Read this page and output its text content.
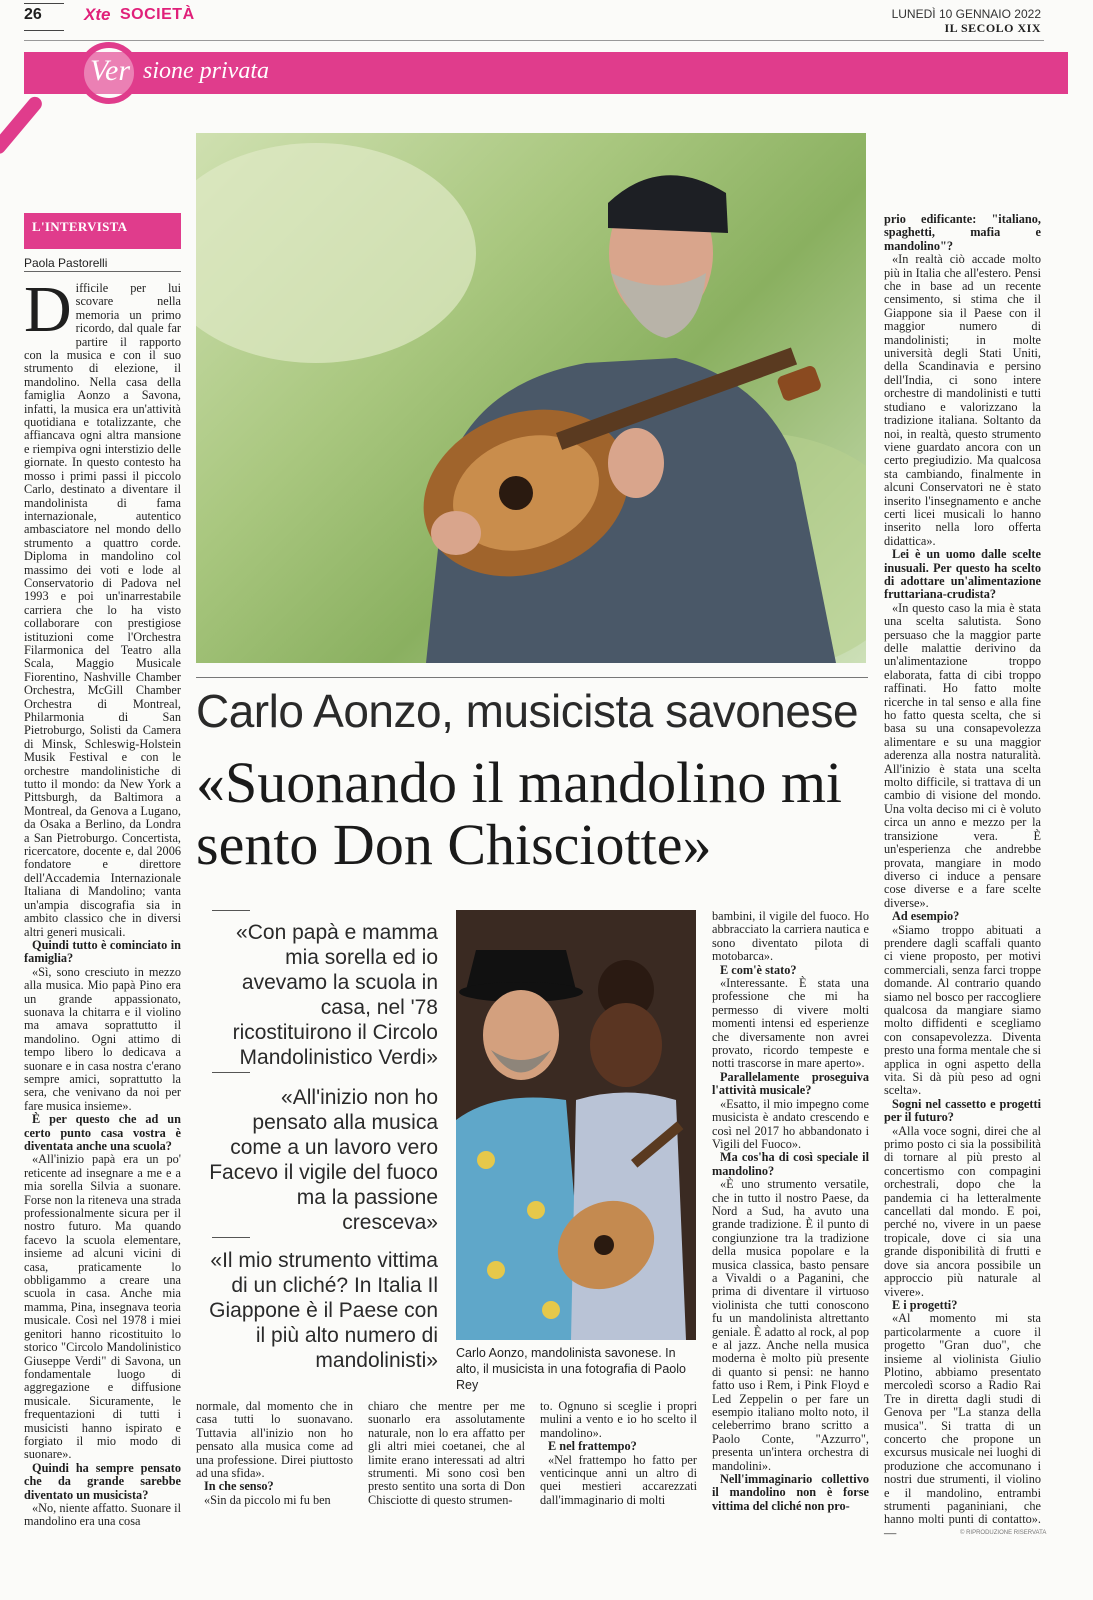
26 Xte SOCIETÀ	LUNEDÌ 10 GENNAIO 2022
IL SECOLO XIX
sione privata
Ver
Carlo Aonzo, mandolinista savonese. In alto, il musicista in una fotografia di Paolo Rey
L'INTERVISTA
Paola Pastorelli
D ifficile per lui scovare nella memoria un primo ricordo, dal quale far partire il rapporto con la musica e con il suo strumento di elezione, il mandolino. Nella casa della famiglia Aonzo a Savona, infatti, la musica era un'attività quotidiana e totalizzante, che affiancava ogni altra mansione e riempiva ogni interstizio delle giornate. In questo contesto ha mosso i primi passi il piccolo Carlo, destinato a diventare il mandolinista di fama internazionale, autentico ambasciatore nel mondo dello strumento a quattro corde. Diploma in mandolino col massimo dei voti e lode al Conservatorio di Padova nel 1993 e poi un'inarrestabile carriera che lo ha visto collaborare con prestigiose istituzioni come l'Orchestra Filarmonica del Teatro alla Scala, Maggio Musicale Fiorentino, Nashville Chamber Orchestra, McGill Chamber Orchestra di Montreal, Philarmonia di San Pietroburgo, Solisti da Camera di Minsk, Schleswig-Holstein Musik Festival e con le orchestre mandolinistiche di tutto il mondo: da New York a Pittsburgh, da Baltimora a Montreal, da Genova a Lugano, da Osaka a Berlino, da Londra a San Pietroburgo. Concertista, ricercatore, docente e, dal 2006 fondatore e direttore dell'Accademia Internazionale Italiana di Mandolino; vanta un'ampia discografia sia in ambito classico che in diversi altri generi musicali.

Quindi tutto è cominciato in famiglia?

«Sì, sono cresciuto in mezzo alla musica. Mio papà Pino era un grande appassionato, suonava la chitarra e il violino ma amava soprattutto il mandolino. Ogni attimo di tempo libero lo dedicava a suonare e in casa nostra c'erano sempre amici, soprattutto la sera, che venivano da noi per fare musica insieme».

È per questo che ad un certo punto casa vostra è diventata anche una scuola?

«All'inizio papà era un po' reticente ad insegnare a me e a mia sorella Silvia a suonare. Forse non la riteneva una strada professionalmente sicura per il nostro futuro. Ma quando facevo la scuola elementare, insieme ad alcuni vicini di casa, praticamente lo obbligammo a creare una scuola in casa. Anche mia mamma, Pina, insegnava teoria musicale. Così nel 1978 i miei genitori hanno ricostituito lo storico "Circolo Mandolinistico Giuseppe Verdi" di Savona, un fondamentale luogo di aggregazione e diffusione musicale. Sicuramente, le frequentazioni di tutti i musicisti hanno ispirato e forgiato il mio modo di suonare».

Quindi ha sempre pensato che da grande sarebbe diventato un musicista?

«No, niente affatto. Suonare il mandolino era una cosa

Carlo Aonzo, musicista savonese
«Suonando il mandolino mi sento Don Chisciotte»
«Con papà e mamma mia sorella ed io avevamo la scuola in casa, nel '78 ricostituirono il Circolo Mandolinistico Verdi»
«All'inizio non ho pensato alla musica come a un lavoro vero Facevo il vigile del fuoco ma la passione cresceva»
«Il mio strumento vittima di un cliché? In Italia Il Giappone è il Paese con il più alto numero di mandolinisti»
normale, dal momento che in casa tutti lo suonavano. Tuttavia all'inizio non ho pensato alla musica come ad una professione. Direi piuttosto ad una sfida».

In che senso?

«Sin da piccolo mi fu ben

chiaro che mentre per me suonarlo era assolutamente naturale, non lo era affatto per gli altri miei coetanei, che al limite erano interessati ad altri strumenti. Mi sono così ben presto sentito una sorta di Don Chisciotte di questo strumen-
to. Ognuno si sceglie i propri mulini a vento e io ho scelto il mandolino».

E nel frattempo?

«Nel frattempo ho fatto per venticinque anni un altro di quei mestieri accarezzati dall'immaginario di molti

bambini, il vigile del fuoco. Ho abbracciato la carriera nautica e sono diventato pilota di motobarca».

E com'è stato?

«Interessante. È stata una professione che mi ha permesso di vivere molti momenti intensi ed esperienze che diversamente non avrei provato, ricordo tempeste e notti trascorse in mare aperto».

Parallelamente proseguiva l'attività musicale?

«Esatto, il mio impegno come musicista è andato crescendo e così nel 2017 ho abbandonato i Vigili del Fuoco».

Ma cos'ha di così speciale il mandolino?

«È uno strumento versatile, che in tutto il nostro Paese, da Nord a Sud, ha avuto una grande tradizione. È il punto di congiunzione tra la tradizione della musica popolare e la musica classica, basto pensare a Vivaldi o a Paganini, che prima di diventare il virtuoso violinista che tutti conoscono fu un mandolinista altrettanto geniale. È adatto al rock, al pop e al jazz. Anche nella musica moderna è molto più presente di quanto si pensi: ne hanno fatto uso i Rem, i Pink Floyd e Led Zeppelin o per fare un esempio italiano molto noto, il celeberrimo brano scritto a Paolo Conte, "Azzurro", presenta un'intera orchestra di mandolini».

Nell'immaginario collettivo il mandolino non è forse vittima del cliché non pro-

prio edificante: "italiano, spaghetti, mafia e mandolino"?

«In realtà ciò accade molto più in Italia che all'estero. Pensi che in base ad un recente censimento, si stima che il Giappone sia il Paese con il maggior numero di mandolinisti; in molte università degli Stati Uniti, della Scandinavia e persino dell'India, ci sono intere orchestre di mandolinisti e tutti studiano e valorizzano la tradizione italiana. Soltanto da noi, in realtà, questo strumento viene guardato ancora con un certo pregiudizio. Ma qualcosa sta cambiando, finalmente in alcuni Conservatori ne è stato inserito l'insegnamento e anche certi licei musicali lo hanno inserito nella loro offerta didattica».

Lei è un uomo dalle scelte inusuali. Per questo ha scelto di adottare un'alimentazione fruttariana-crudista?

«In questo caso la mia è stata una scelta salutista. Sono persuaso che la maggior parte delle malattie derivino da un'alimentazione troppo elaborata, fatta di cibi troppo raffinati. Ho fatto molte ricerche in tal senso e alla fine ho fatto questa scelta, che si basa su una consapevolezza alimentare e su una maggior aderenza alla nostra naturalità. All'inizio è stata una scelta molto difficile, si trattava di un cambio di visione del mondo. Una volta deciso mi ci è voluto circa un anno e mezzo per la transizione vera. È un'esperienza che andrebbe provata, mangiare in modo diverso ci induce a pensare cose diverse e a fare scelte diverse».

Ad esempio?

«Siamo troppo abituati a prendere dagli scaffali quanto ci viene proposto, per motivi commerciali, senza farci troppe domande. Al contrario quando siamo nel bosco per raccogliere qualcosa da mangiare siamo molto diffidenti e scegliamo con consapevolezza. Diventa presto una forma mentale che si applica in ogni aspetto della vita. Si dà più peso ad ogni scelta».

Sogni nel cassetto e progetti per il futuro?

«Alla voce sogni, direi che al primo posto ci sia la possibilità di tornare al più presto al concertismo con compagini orchestrali, dopo che la pandemia ci ha letteralmente cancellati dal mondo. E poi, perché no, vivere in un paese tropicale, dove ci sia una grande disponibilità di frutti e dove sia ancora possibile un approccio più naturale al vivere».

E i progetti?

«Al momento mi sta particolarmente a cuore il progetto "Gran duo", che insieme al violinista Giulio Plotino, abbiamo presentato mercoledì scorso a Radio Rai Tre in diretta dagli studi di Genova per "La stanza della musica". Si tratta di un concerto che propone un excursus musicale nei luoghi di produzione che accomunano i nostri due strumenti, il violino e il mandolino, entrambi strumenti paganiniani, che hanno molti punti di contatto». —	© RIPRODUZIONE RISERVATA
